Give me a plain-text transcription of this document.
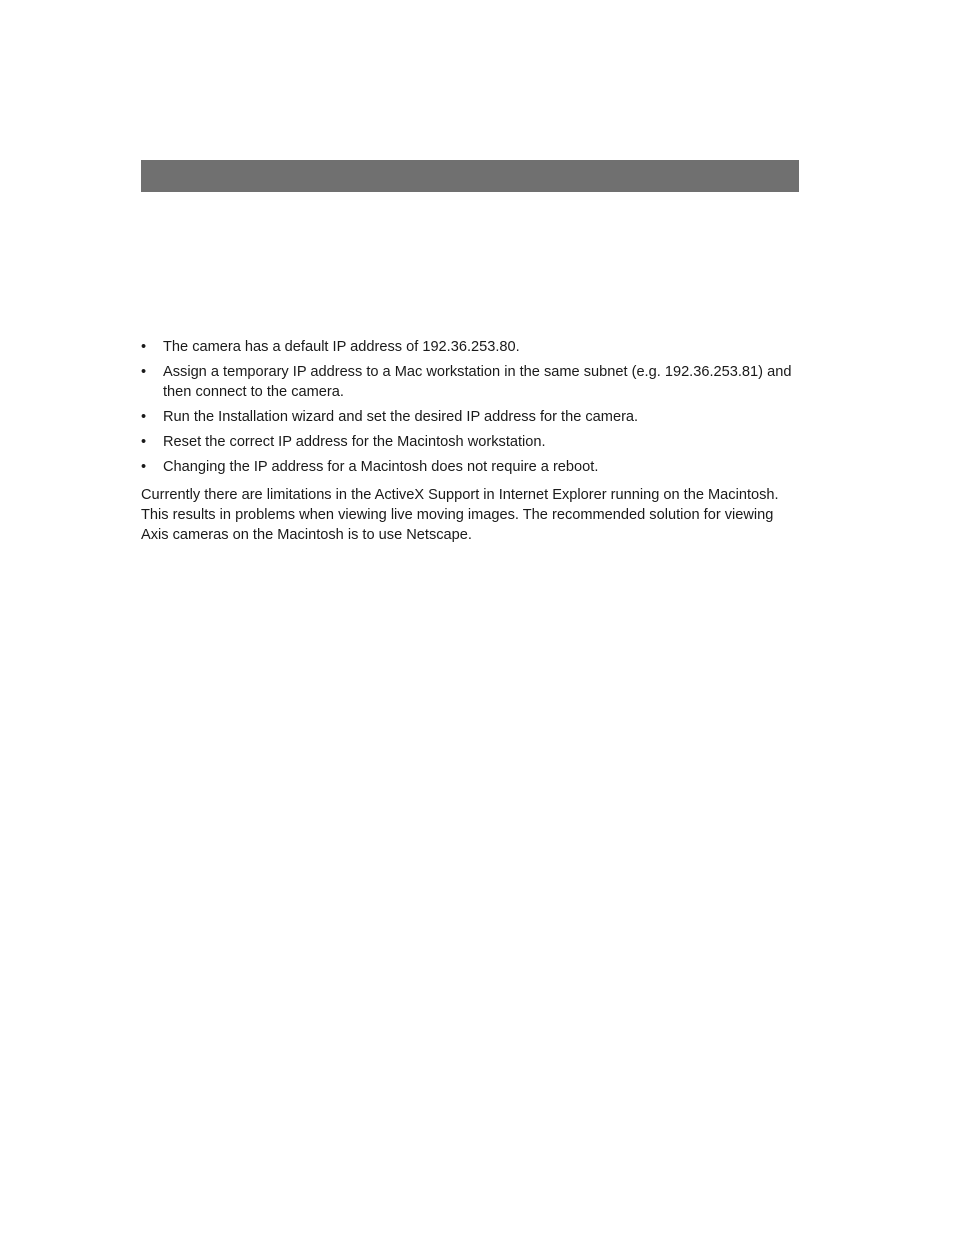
•	The camera has a default IP address of 192.36.253.80.
•	Assign a temporary IP address to a Mac workstation in the same subnet (e.g. 192.36.253.81) and then connect to the camera.
•	Run the Installation wizard and set the desired IP address for the camera.
•	Reset the correct IP address for the Macintosh workstation.
•	Changing the IP address for a Macintosh does not require a reboot.

Currently there are limitations in the ActiveX Support in Internet Explorer running on the Macintosh. This results in problems when viewing live moving images. The recommended solution for viewing Axis cameras on the Macintosh is to use Netscape.
